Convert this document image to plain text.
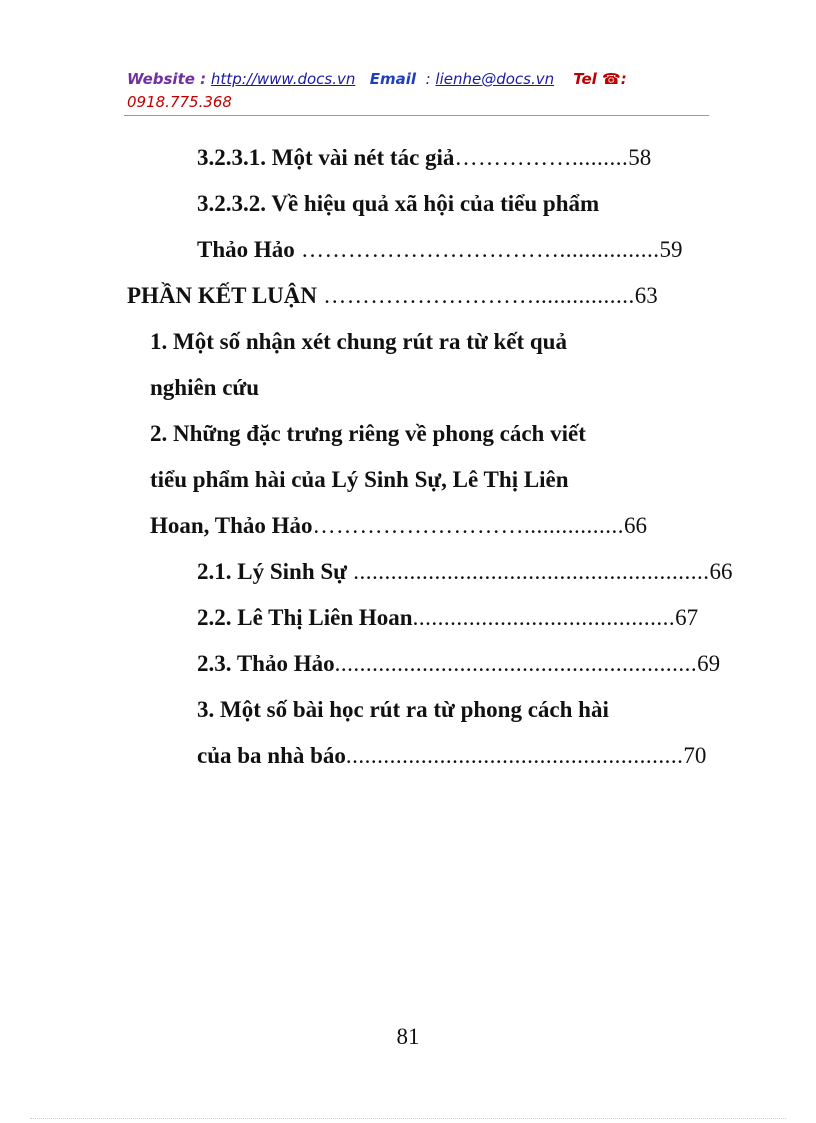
Website : http://www.docs.vn Email : lienhe@docs.vn Tel ☎:
0918.775.368
3.2.3.1. Một vài nét tác giả…………….........58
3.2.3.2. Về hiệu quả xã hội của tiểu phẩm
Thảo Hảo ……………………………................59
PHẦN KẾT LUẬN ………………………................63
1. Một số nhận xét chung rút ra từ kết quả
nghiên cứu
2. Những đặc trưng riêng về phong cách viết
tiểu phẩm hài của Lý Sinh Sự, Lê Thị Liên
Hoan, Thảo Hảo………………………................66
2.1. Lý Sinh Sự .........................................................66
2.2. Lê Thị Liên Hoan..........................................67
2.3. Thảo Hảo..........................................................69
3. Một số bài học rút ra từ phong cách hài
của ba nhà báo......................................................70
81
